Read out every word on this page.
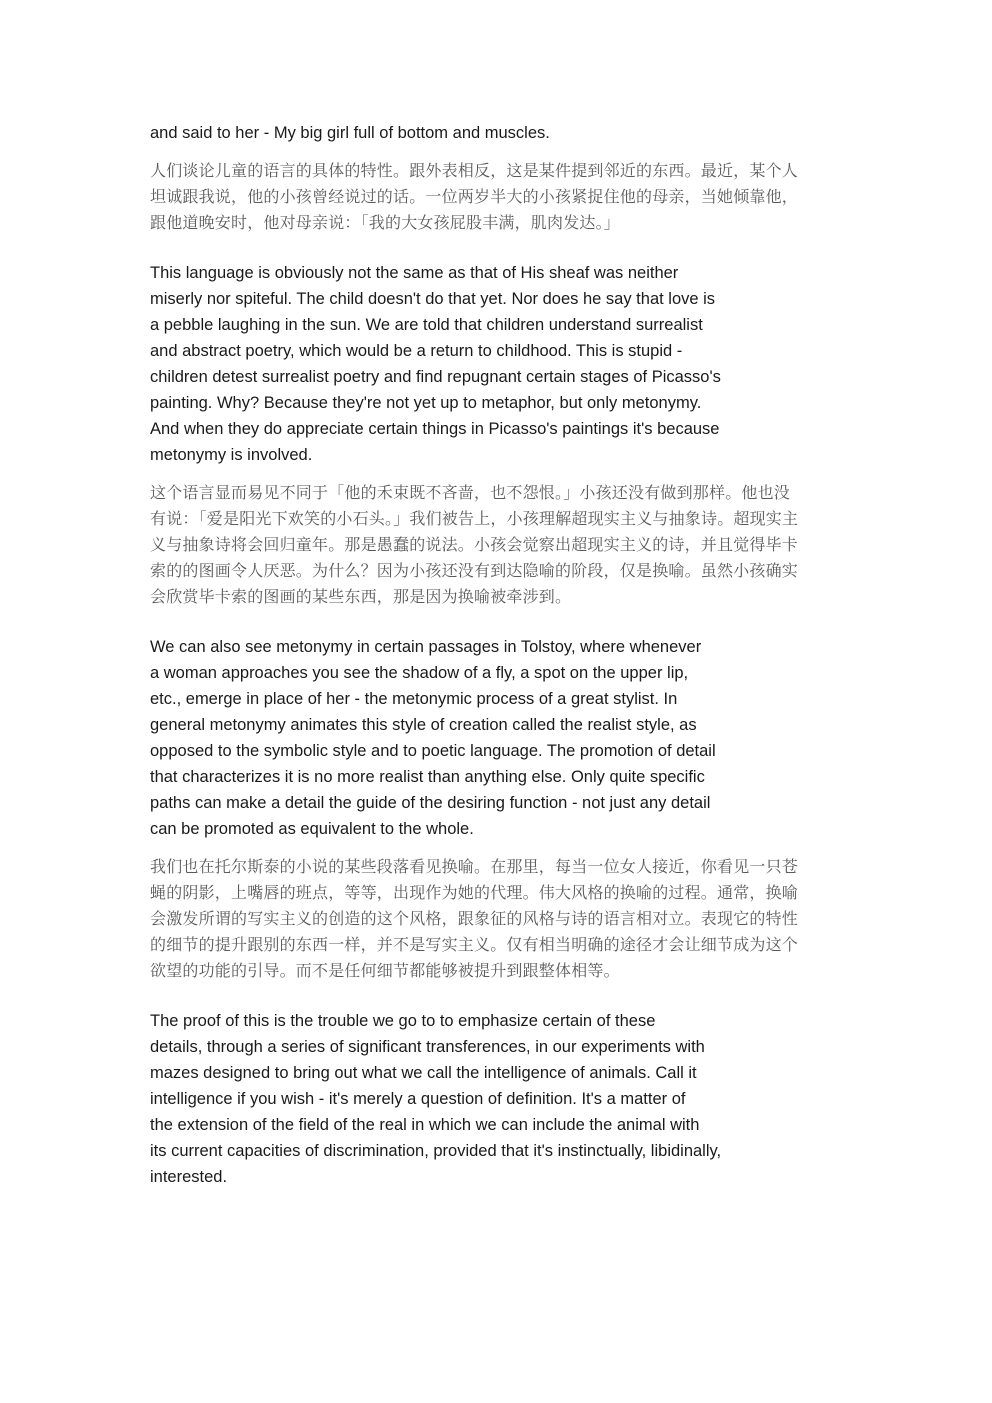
and said to her - My big girl full of bottom and muscles.

人们谈论儿童的语言的具体的特性。跟外表相反，这是某件提到邻近的东西。最近，某个人
坦诚跟我说，他的小孩曾经说过的话。一位两岁半大的小孩紧捉住他的母亲，当她倾靠他，
跟他道晚安时，他对母亲说：「我的大女孩屁股丰满，肌肉发达。」

This language is obviously not the same as that of His sheaf was neither
miserly nor spiteful. The child doesn't do that yet. Nor does he say that love is
a pebble laughing in the sun. We are told that children understand surrealist
and abstract poetry, which would be a return to childhood. This is stupid -
children detest surrealist poetry and find repugnant certain stages of Picasso's
painting. Why? Because they're not yet up to metaphor, but only metonymy.
And when they do appreciate certain things in Picasso's paintings it's because
metonymy is involved.

这个语言显而易见不同于「他的禾束既不吝啬，也不怨恨。」小孩还没有做到那样。他也没
有说：「爱是阳光下欢笑的小石头。」我们被告上，小孩理解超现实主义与抽象诗。超现实主
义与抽象诗将会回归童年。那是愚蠢的说法。小孩会觉察出超现实主义的诗，并且觉得毕卡
索的的图画令人厌恶。为什么？因为小孩还没有到达隐喻的阶段，仅是换喻。虽然小孩确实
会欣赏毕卡索的图画的某些东西，那是因为换喻被牵涉到。

We can also see metonymy in certain passages in Tolstoy, where whenever
a woman approaches you see the shadow of a fly, a spot on the upper lip,
etc., emerge in place of her - the metonymic process of a great stylist. In
general metonymy animates this style of creation called the realist style, as
opposed to the symbolic style and to poetic language. The promotion of detail
that characterizes it is no more realist than anything else. Only quite specific
paths can make a detail the guide of the desiring function - not just any detail
can be promoted as equivalent to the whole.

我们也在托尔斯泰的小说的某些段落看见换喻。在那里，每当一位女人接近，你看见一只苍
蝇的阴影，上嘴唇的班点，等等，出现作为她的代理。伟大风格的换喻的过程。通常，换喻
会激发所谓的写实主义的创造的这个风格，跟象征的风格与诗的语言相对立。表现它的特性
的细节的提升跟别的东西一样，并不是写实主义。仅有相当明确的途径才会让细节成为这个
欲望的功能的引导。而不是任何细节都能够被提升到跟整体相等。

The proof of this is the trouble we go to to emphasize certain of these
details, through a series of significant transferences, in our experiments with
mazes designed to bring out what we call the intelligence of animals. Call it
intelligence if you wish - it's merely a question of definition. It's a matter of
the extension of the field of the real in which we can include the animal with
its current capacities of discrimination, provided that it's instinctually, libidinally,
interested.
